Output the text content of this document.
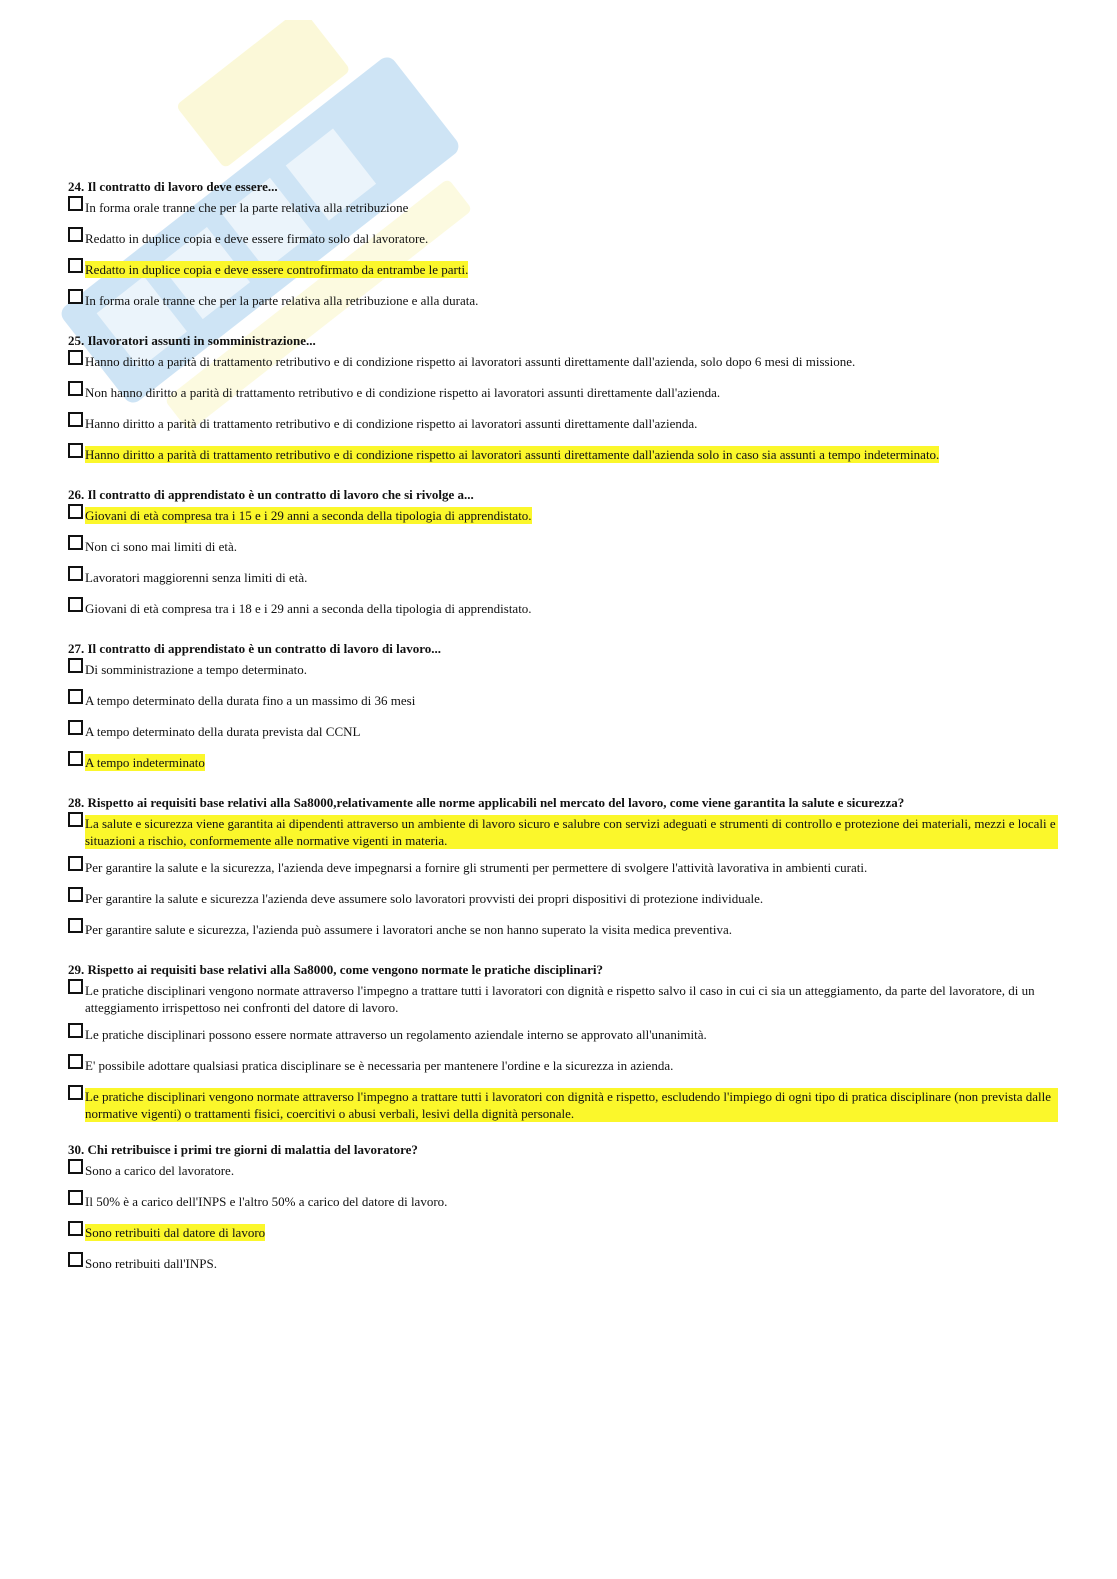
24. Il contratto di lavoro deve essere...
In forma orale tranne che per la parte relativa alla retribuzione
Redatto in duplice copia e deve essere firmato solo dal lavoratore.
Redatto in duplice copia e deve essere controfirmato da entrambe le parti.
In forma orale tranne che per la parte relativa alla retribuzione e alla durata.
25. Ilavoratori assunti in somministrazione...
Hanno diritto a parità di trattamento retributivo e di condizione rispetto ai lavoratori assunti direttamente dall'azienda, solo dopo 6 mesi di missione.
Non hanno diritto a parità di trattamento retributivo e di condizione rispetto ai lavoratori assunti direttamente dall'azienda.
Hanno diritto a parità di trattamento retributivo e di condizione rispetto ai lavoratori assunti direttamente dall'azienda.
Hanno diritto a parità di trattamento retributivo e di condizione rispetto ai lavoratori assunti direttamente dall'azienda solo in caso sia assunti a tempo indeterminato.
26. Il contratto di apprendistato è un contratto di lavoro che si rivolge a...
Giovani di età compresa tra i 15 e i 29 anni a seconda della tipologia di apprendistato.
Non ci sono mai limiti di età.
Lavoratori maggiorenni senza limiti di età.
Giovani di età compresa tra i 18 e i 29 anni a seconda della tipologia di apprendistato.
27. Il contratto di apprendistato è un contratto di lavoro di lavoro...
Di somministrazione a tempo determinato.
A tempo determinato della durata fino a un massimo di 36 mesi
A tempo determinato della durata prevista dal CCNL
A tempo indeterminato
28. Rispetto ai requisiti base relativi alla Sa8000,relativamente alle norme applicabili nel mercato del lavoro, come viene garantita la salute e sicurezza?
La salute e sicurezza viene garantita ai dipendenti attraverso un ambiente di lavoro sicuro e salubre con servizi adeguati e strumenti di controllo e protezione dei materiali, mezzi e locali e situazioni a rischio, conformemente alle normative vigenti in materia.
Per garantire la salute e la sicurezza, l'azienda deve impegnarsi a fornire gli strumenti per permettere di svolgere l'attività lavorativa in ambienti curati.
Per garantire la salute e sicurezza l'azienda deve assumere solo lavoratori provvisti dei propri dispositivi di protezione individuale.
Per garantire salute e sicurezza, l'azienda può assumere i lavoratori anche se non hanno superato la visita medica preventiva.
29. Rispetto ai requisiti base relativi alla Sa8000, come vengono normate le pratiche disciplinari?
Le pratiche disciplinari vengono normate attraverso l'impegno a trattare tutti i lavoratori con dignità e rispetto salvo il caso in cui ci sia un atteggiamento, da parte del lavoratore, di un atteggiamento irrispettoso nei confronti del datore di lavoro.
Le pratiche disciplinari possono essere normate attraverso un regolamento aziendale interno se approvato all'unanimità.
E' possibile adottare qualsiasi pratica disciplinare se è necessaria per mantenere l'ordine e la sicurezza in azienda.
Le pratiche disciplinari vengono normate attraverso l'impegno a trattare tutti i lavoratori con dignità e rispetto, escludendo l'impiego di ogni tipo di pratica disciplinare (non prevista dalle normative vigenti) o trattamenti fisici, coercitivi o abusi verbali, lesivi della dignità personale.
30. Chi retribuisce i primi tre giorni di malattia del lavoratore?
Sono a carico del lavoratore.
Il 50% è a carico dell'INPS e l'altro 50% a carico del datore di lavoro.
Sono retribuiti dal datore di lavoro
Sono retribuiti dall'INPS.
